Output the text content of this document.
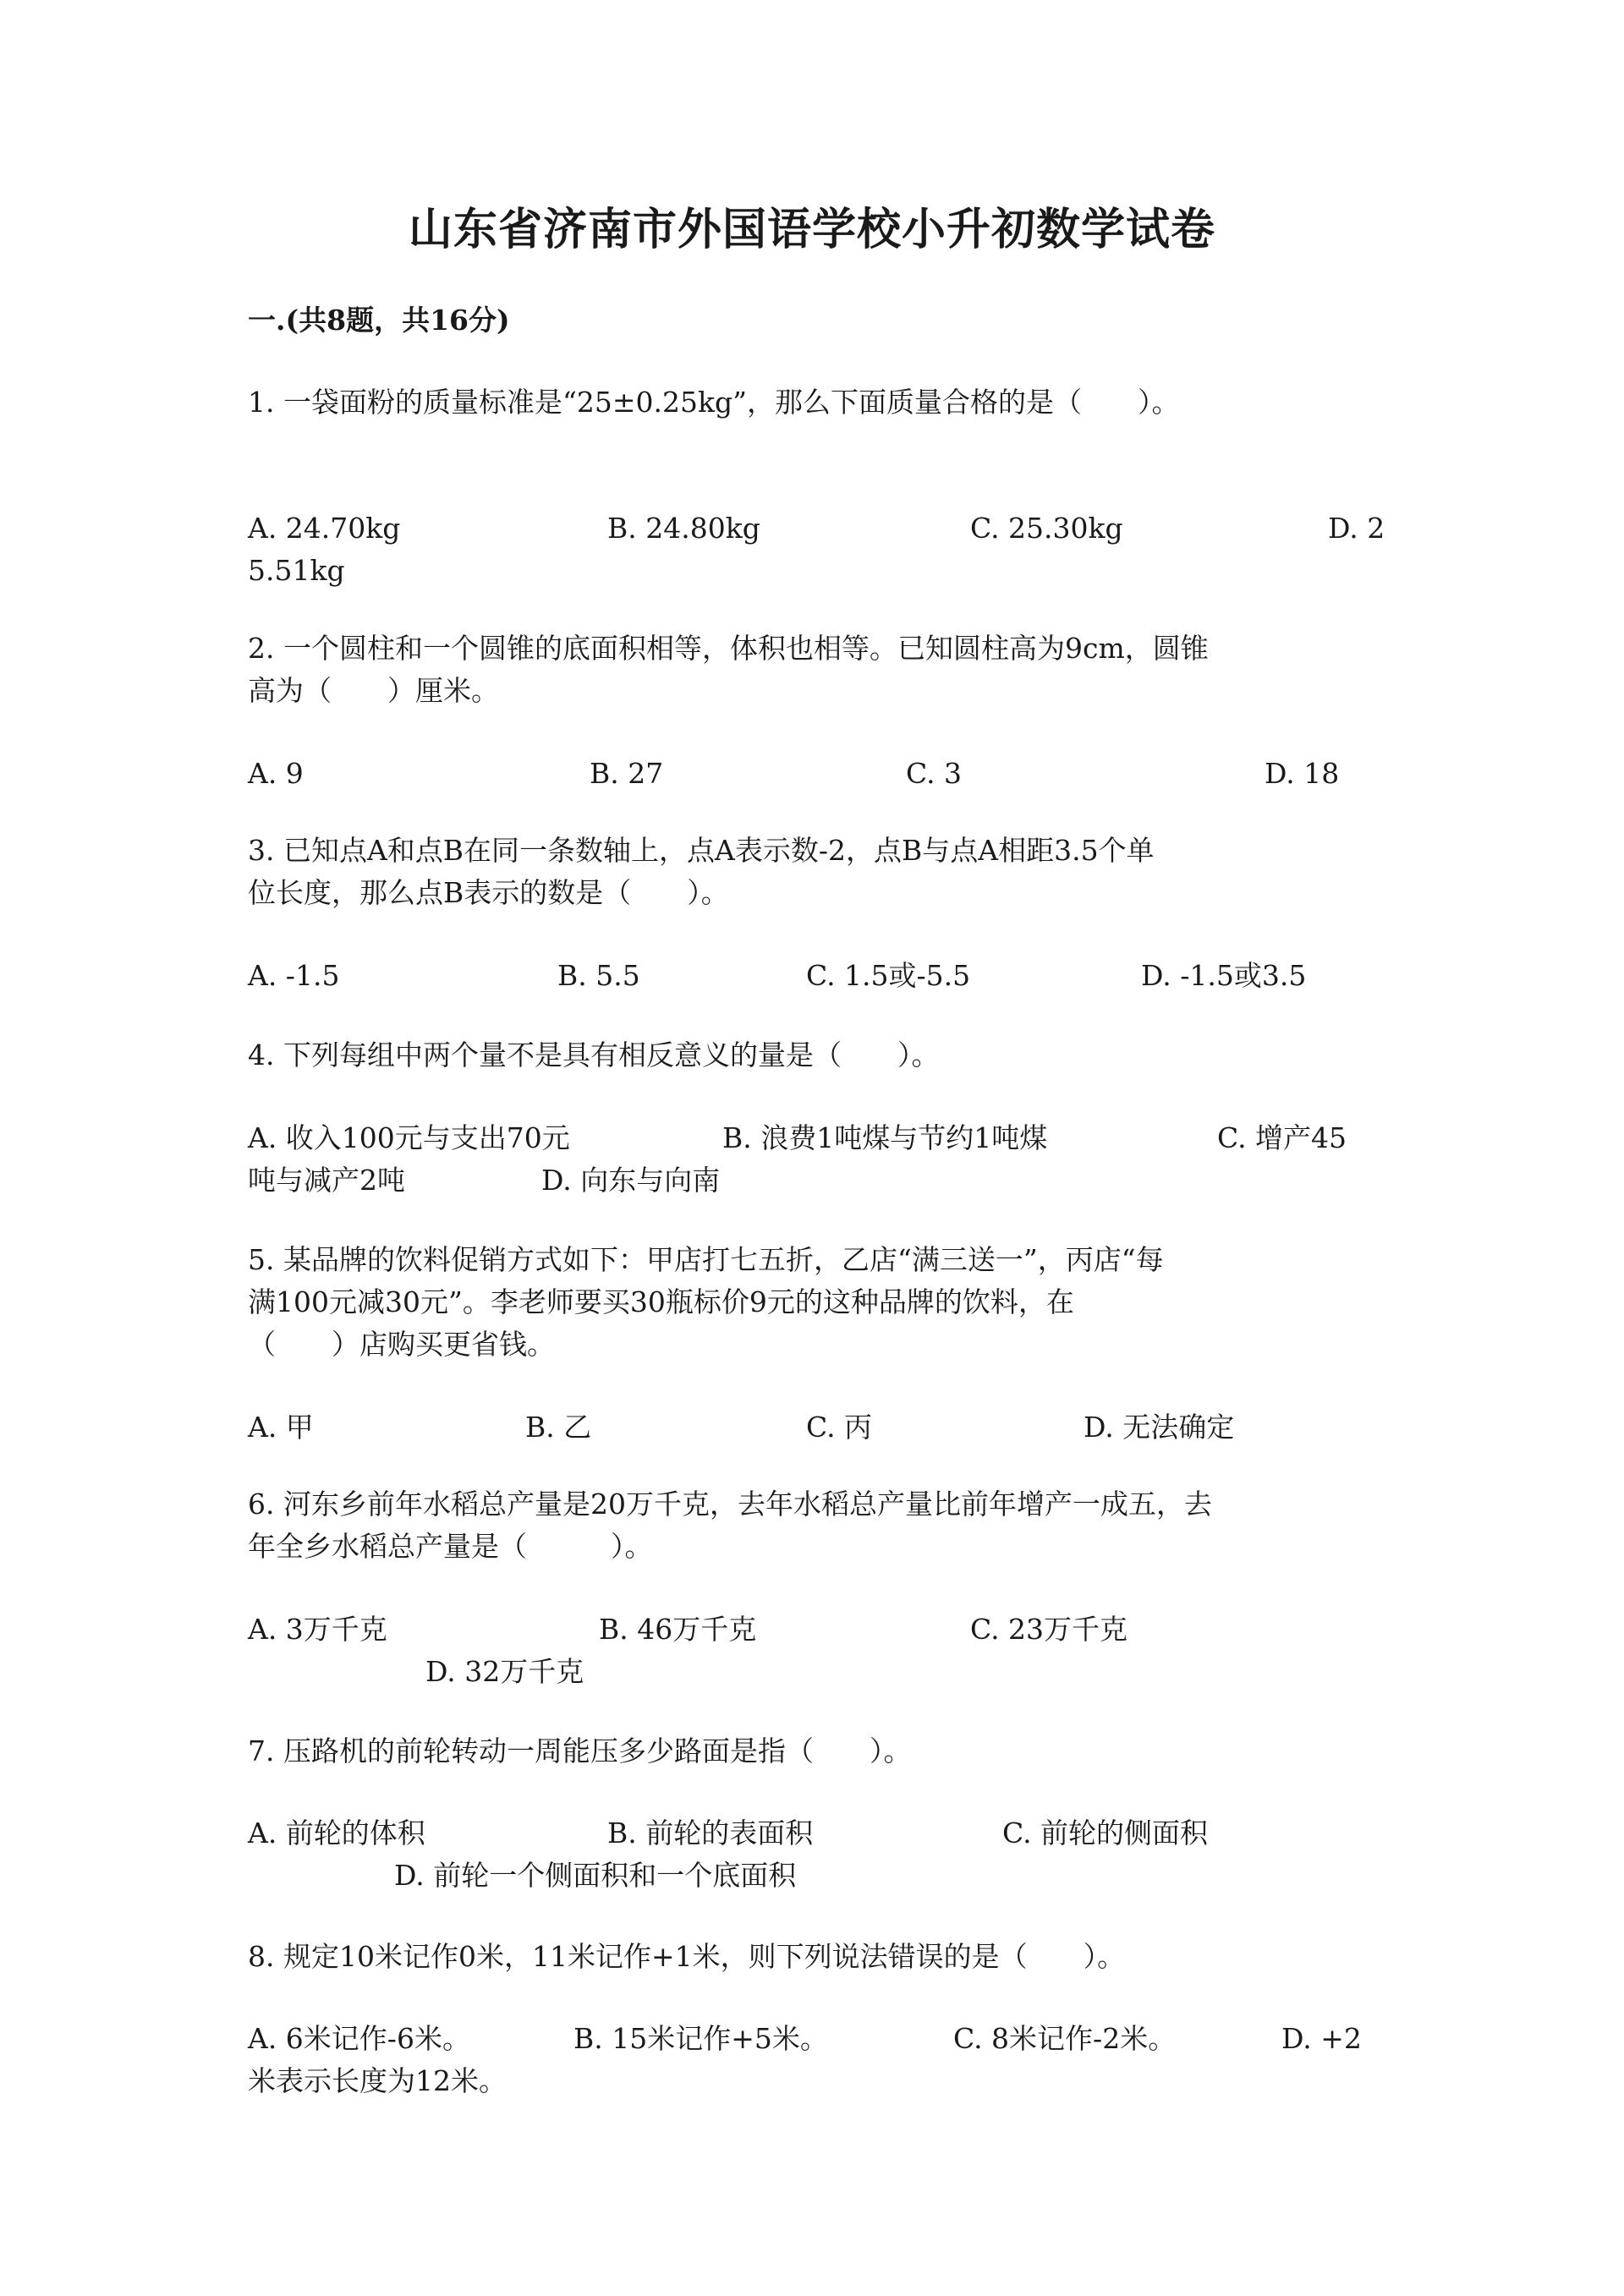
山东省济南市外国语学校小升初数学试卷
一.(共8题，共16分)
1. 一袋面粉的质量标准是“25±0.25kg”，那么下面质量合格的是（　　）。
A. 24.70kg	B. 24.80kg	C. 25.30kg	D. 2
5.51kg
2. 一个圆柱和一个圆锥的底面积相等，体积也相等。已知圆柱高为9cm，圆锥
高为（　　）厘米。
A. 9	B. 27	C. 3	D. 18
3. 已知点A和点B在同一条数轴上，点A表示数-2，点B与点A相距3.5个单
位长度，那么点B表示的数是（　　）。
A. -1.5	B. 5.5	C. 1.5或-5.5	D. -1.5或3.5
4. 下列每组中两个量不是具有相反意义的量是（　　）。
A. 收入100元与支出70元	B. 浪费1吨煤与节约1吨煤	C. 增产45
吨与减产2吨	D. 向东与向南
5. 某品牌的饮料促销方式如下：甲店打七五折，乙店“满三送一”，丙店“每
满100元减30元”。李老师要买30瓶标价9元的这种品牌的饮料，在
（　　）店购买更省钱。
A. 甲	B. 乙	C. 丙	D. 无法确定
6. 河东乡前年水稻总产量是20万千克，去年水稻总产量比前年增产一成五，去
年全乡水稻总产量是（　　　）。
A. 3万千克	B. 46万千克	C. 23万千克
D. 32万千克
7. 压路机的前轮转动一周能压多少路面是指（　　）。
A. 前轮的体积	B. 前轮的表面积	C. 前轮的侧面积
D. 前轮一个侧面积和一个底面积
8. 规定10米记作0米，11米记作+1米，则下列说法错误的是（　　）。
A. 6米记作-6米。	B. 15米记作+5米。	C. 8米记作-2米。	D. +2
米表示长度为12米。
